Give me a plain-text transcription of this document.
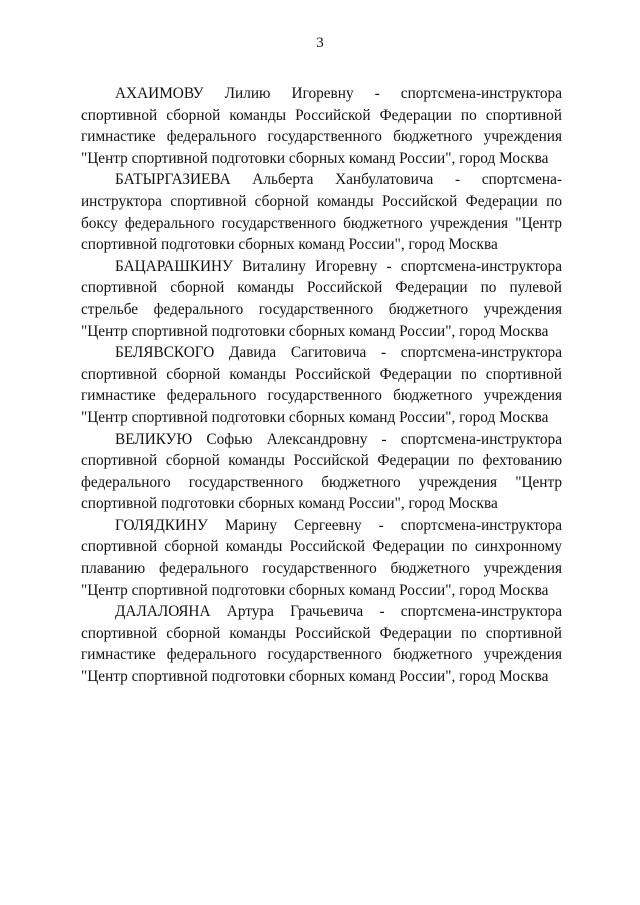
3

АХАИМОВУ Лилию Игоревну - спортсмена-инструктора спортивной сборной команды Российской Федерации по спортивной гимнастике федерального государственного бюджетного учреждения "Центр спортивной подготовки сборных команд России", город Москва

БАТЫРГАЗИЕВА Альберта Ханбулатовича - спортсмена-инструктора спортивной сборной команды Российской Федерации по боксу федерального государственного бюджетного учреждения "Центр спортивной подготовки сборных команд России", город Москва

БАЦАРАШКИНУ Виталину Игоревну - спортсмена-инструктора спортивной сборной команды Российской Федерации по пулевой стрельбе федерального государственного бюджетного учреждения "Центр спортивной подготовки сборных команд России", город Москва

БЕЛЯВСКОГО Давида Сагитовича - спортсмена-инструктора спортивной сборной команды Российской Федерации по спортивной гимнастике федерального государственного бюджетного учреждения "Центр спортивной подготовки сборных команд России", город Москва

ВЕЛИКУЮ Софью Александровну - спортсмена-инструктора спортивной сборной команды Российской Федерации по фехтованию федерального государственного бюджетного учреждения "Центр спортивной подготовки сборных команд России", город Москва

ГОЛЯДКИНУ Марину Сергеевну - спортсмена-инструктора спортивной сборной команды Российской Федерации по синхронному плаванию федерального государственного бюджетного учреждения "Центр спортивной подготовки сборных команд России", город Москва

ДАЛАЛОЯНА Артура Грачьевича - спортсмена-инструктора спортивной сборной команды Российской Федерации по спортивной гимнастике федерального государственного бюджетного учреждения "Центр спортивной подготовки сборных команд России", город Москва
